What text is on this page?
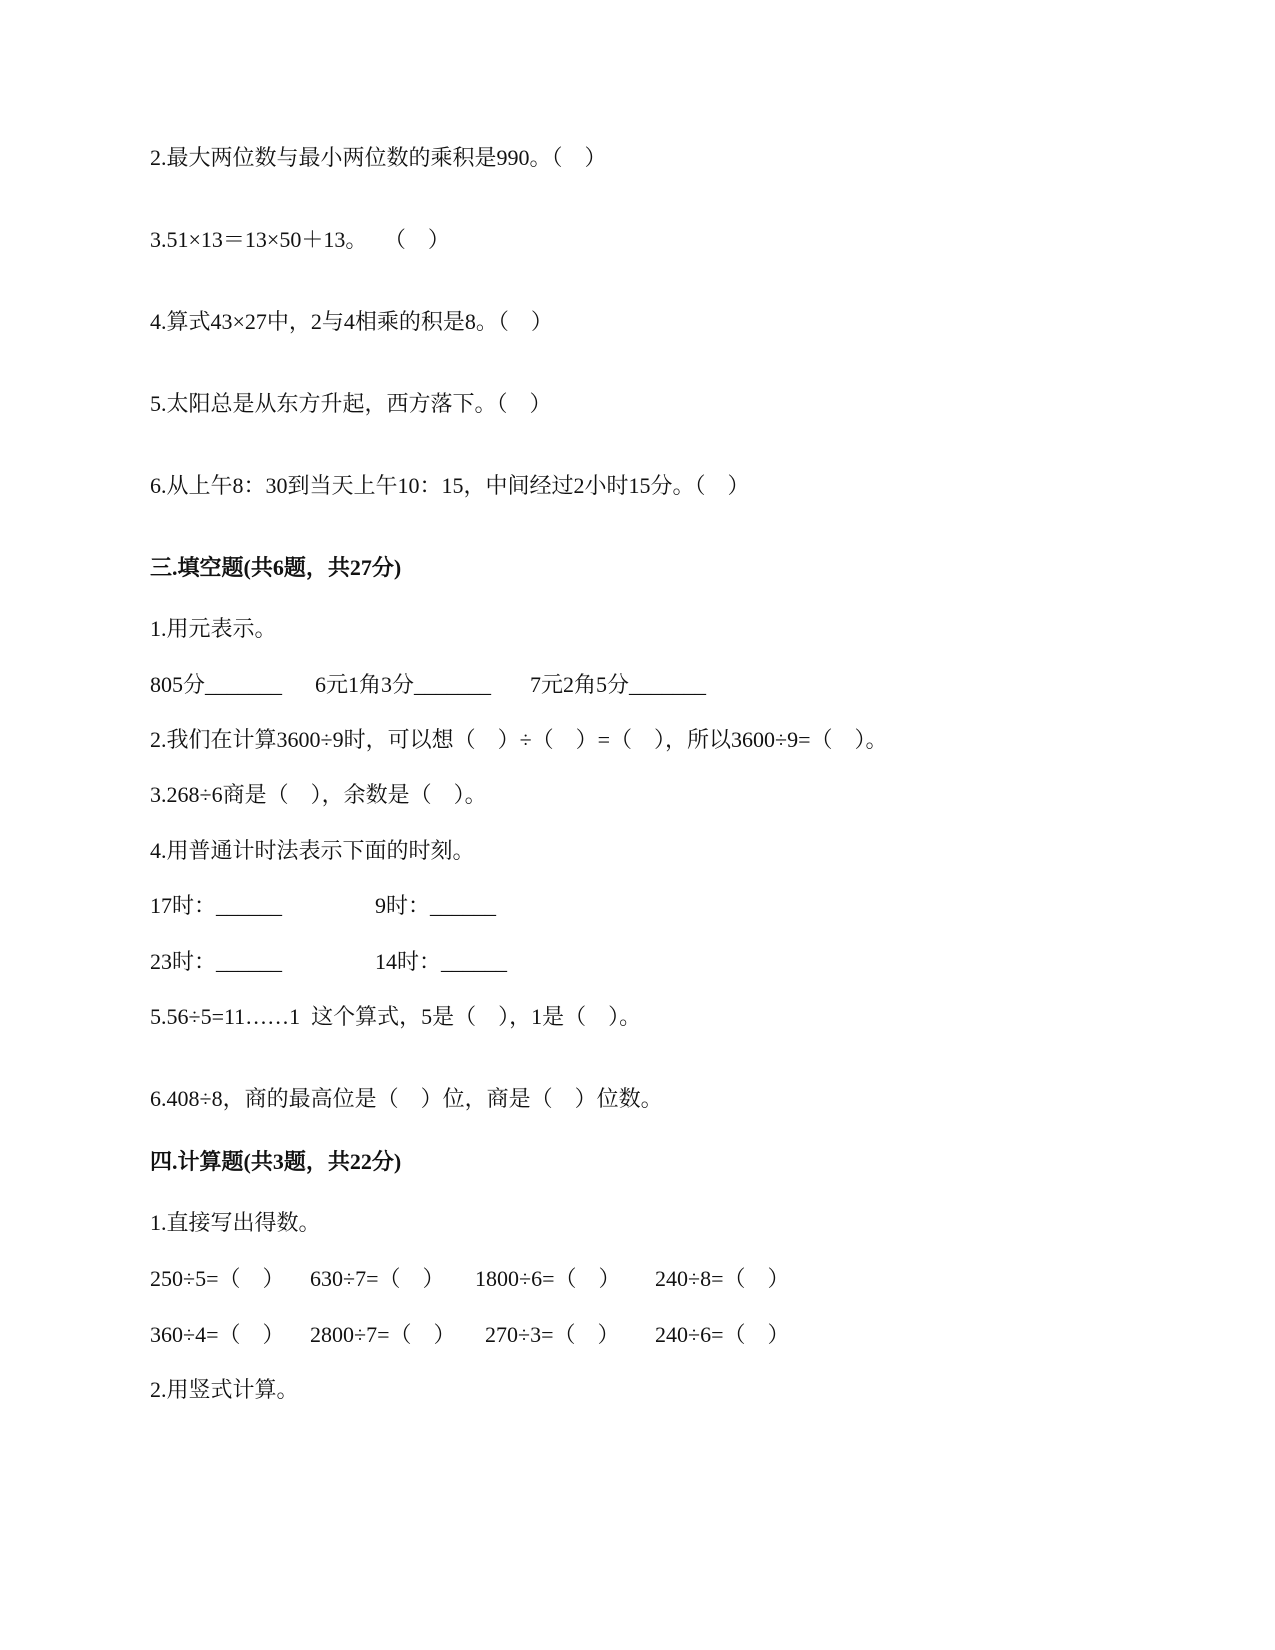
2.最大两位数与最小两位数的乘积是990。（    ）
3.51×13＝13×50＋13。   （    ）
4.算式43×27中，2与4相乘的积是8。（    ）
5.太阳总是从东方升起，西方落下。（    ）
6.从上午8：30到当天上午10：15，中间经过2小时15分。（    ）
三.填空题(共6题，共27分)
1.用元表示。
805分_______ 6元1角3分_______ 7元2角5分_______
2.我们在计算3600÷9时，可以想（    ）÷（    ）=（    ），所以3600÷9=（    ）。
3.268÷6商是（    ），余数是（    ）。
4.用普通计时法表示下面的时刻。
17时：______	9时：______
23时：______	14时：______
5.56÷5=11……1  这个算式，5是（    ），1是（    ）。
6.408÷8，商的最高位是（    ）位，商是（    ）位数。
四.计算题(共3题，共22分)
1.直接写出得数。
250÷5=（    ） 630÷7=（    ） 1800÷6=（    ） 240÷8=（    ）
360÷4=（    ） 2800÷7=（    ） 270÷3=（    ） 240÷6=（    ）
2.用竖式计算。
